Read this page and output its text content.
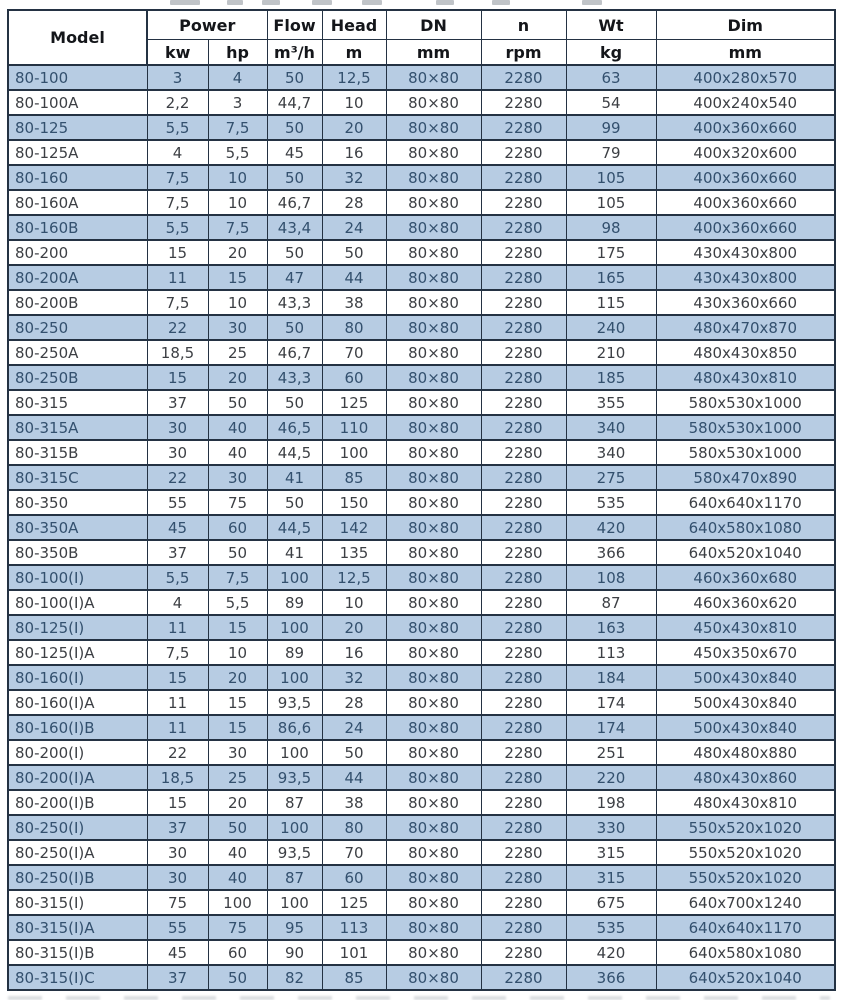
Model	Power		Flow	Head	DN	n	Wt	Dim
	kw	hp	m³/h	m	mm	rpm	kg	mm
80-100	3	4	50	12,5	80×80	2280	63	400x280x570
80-100A	2,2	3	44,7	10	80×80	2280	54	400x240x540
80-125	5,5	7,5	50	20	80×80	2280	99	400x360x660
80-125A	4	5,5	45	16	80×80	2280	79	400x320x600
80-160	7,5	10	50	32	80×80	2280	105	400x360x660
80-160A	7,5	10	46,7	28	80×80	2280	105	400x360x660
80-160B	5,5	7,5	43,4	24	80×80	2280	98	400x360x660
80-200	15	20	50	50	80×80	2280	175	430x430x800
80-200A	11	15	47	44	80×80	2280	165	430x430x800
80-200B	7,5	10	43,3	38	80×80	2280	115	430x360x660
80-250	22	30	50	80	80×80	2280	240	480x470x870
80-250A	18,5	25	46,7	70	80×80	2280	210	480x430x850
80-250B	15	20	43,3	60	80×80	2280	185	480x430x810
80-315	37	50	50	125	80×80	2280	355	580x530x1000
80-315A	30	40	46,5	110	80×80	2280	340	580x530x1000
80-315B	30	40	44,5	100	80×80	2280	340	580x530x1000
80-315C	22	30	41	85	80×80	2280	275	580x470x890
80-350	55	75	50	150	80×80	2280	535	640x640x1170
80-350A	45	60	44,5	142	80×80	2280	420	640x580x1080
80-350B	37	50	41	135	80×80	2280	366	640x520x1040
80-100(I)	5,5	7,5	100	12,5	80×80	2280	108	460x360x680
80-100(I)A	4	5,5	89	10	80×80	2280	87	460x360x620
80-125(I)	11	15	100	20	80×80	2280	163	450x430x810
80-125(I)A	7,5	10	89	16	80×80	2280	113	450x350x670
80-160(I)	15	20	100	32	80×80	2280	184	500x430x840
80-160(I)A	11	15	93,5	28	80×80	2280	174	500x430x840
80-160(I)B	11	15	86,6	24	80×80	2280	174	500x430x840
80-200(I)	22	30	100	50	80×80	2280	251	480x480x880
80-200(I)A	18,5	25	93,5	44	80×80	2280	220	480x430x860
80-200(I)B	15	20	87	38	80×80	2280	198	480x430x810
80-250(I)	37	50	100	80	80×80	2280	330	550x520x1020
80-250(I)A	30	40	93,5	70	80×80	2280	315	550x520x1020
80-250(I)B	30	40	87	60	80×80	2280	315	550x520x1020
80-315(I)	75	100	100	125	80×80	2280	675	640x700x1240
80-315(I)A	55	75	95	113	80×80	2280	535	640x640x1170
80-315(I)B	45	60	90	101	80×80	2280	420	640x580x1080
80-315(I)C	37	50	82	85	80×80	2280	366	640x520x1040
